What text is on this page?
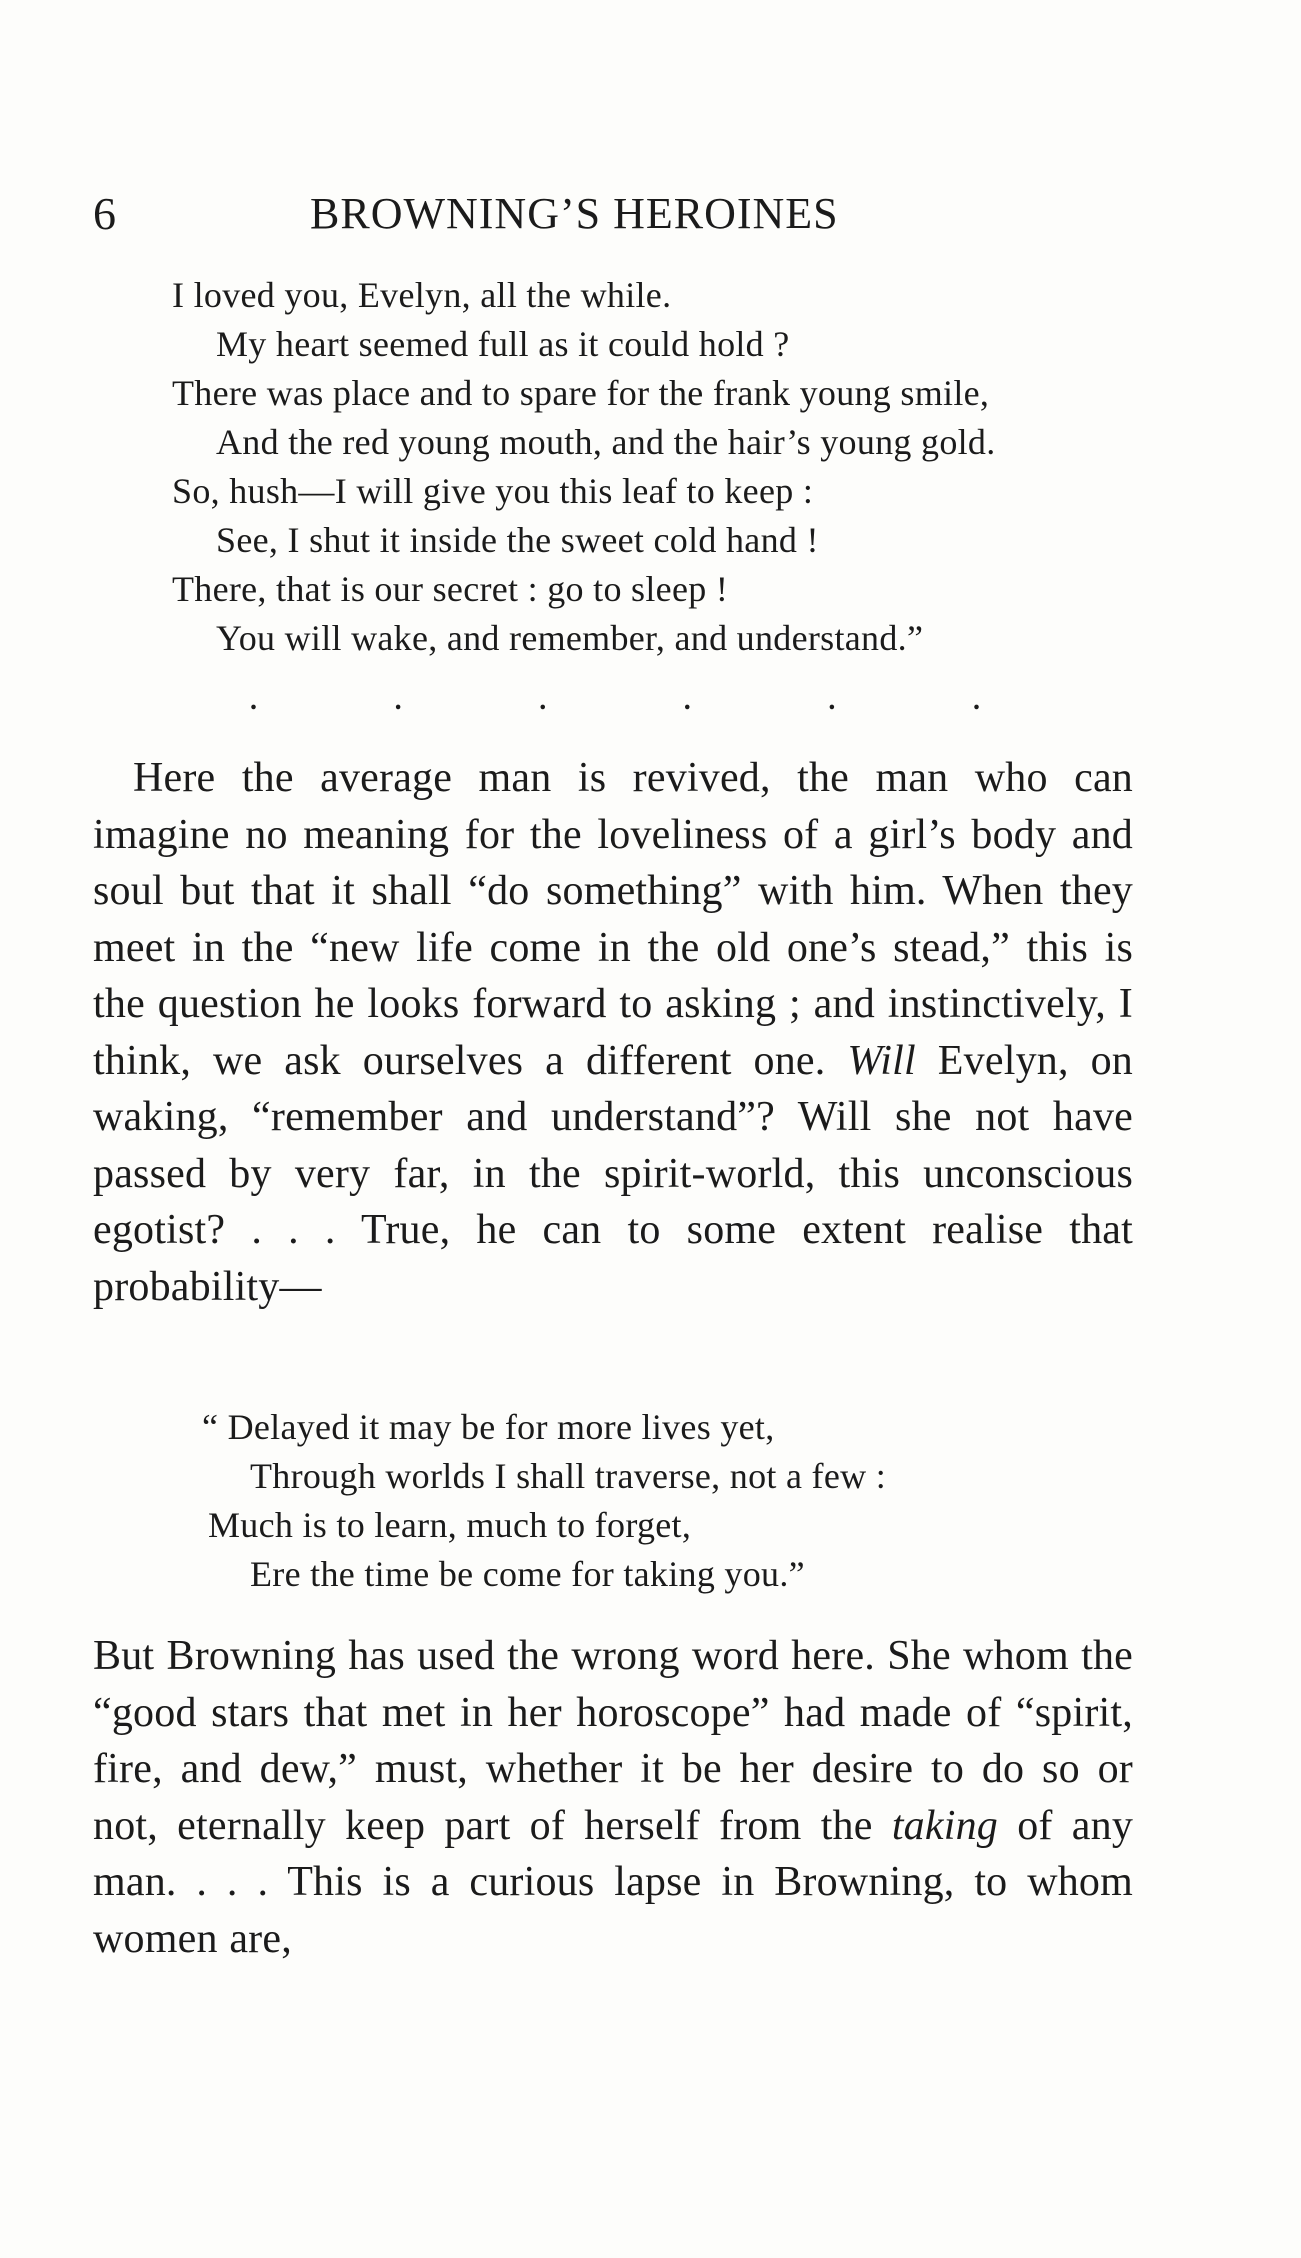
6	BROWNING’S HEROINES
I loved you, Evelyn, all the while.
My heart seemed full as it could hold ?
There was place and to spare for the frank young smile,
And the red young mouth, and the hair’s young gold.
So, hush—I will give you this leaf to keep :
See, I shut it inside the sweet cold hand !
There, that is our secret : go to sleep !
You will wake, and remember, and understand.”
.	.	.	.	.	.
Here the average man is revived, the man who can imagine no meaning for the loveliness of a girl’s body and soul but that it shall “do something” with him. When they meet in the “new life come in the old one’s stead,” this is the question he looks forward to asking ; and instinctively, I think, we ask ourselves a different one. Will Evelyn, on waking, “remember and understand”? Will she not have passed by very far, in the spirit-world, this unconscious egotist? . . . True, he can to some extent realise that probability—
“ Delayed it may be for more lives yet,
Through worlds I shall traverse, not a few :
Much is to learn, much to forget,
Ere the time be come for taking you.”
But Browning has used the wrong word here. She whom the “good stars that met in her horoscope” had made of “spirit, fire, and dew,” must, whether it be her desire to do so or not, eternally keep part of herself from the taking of any man. . . . This is a curious lapse in Browning, to whom women are,
